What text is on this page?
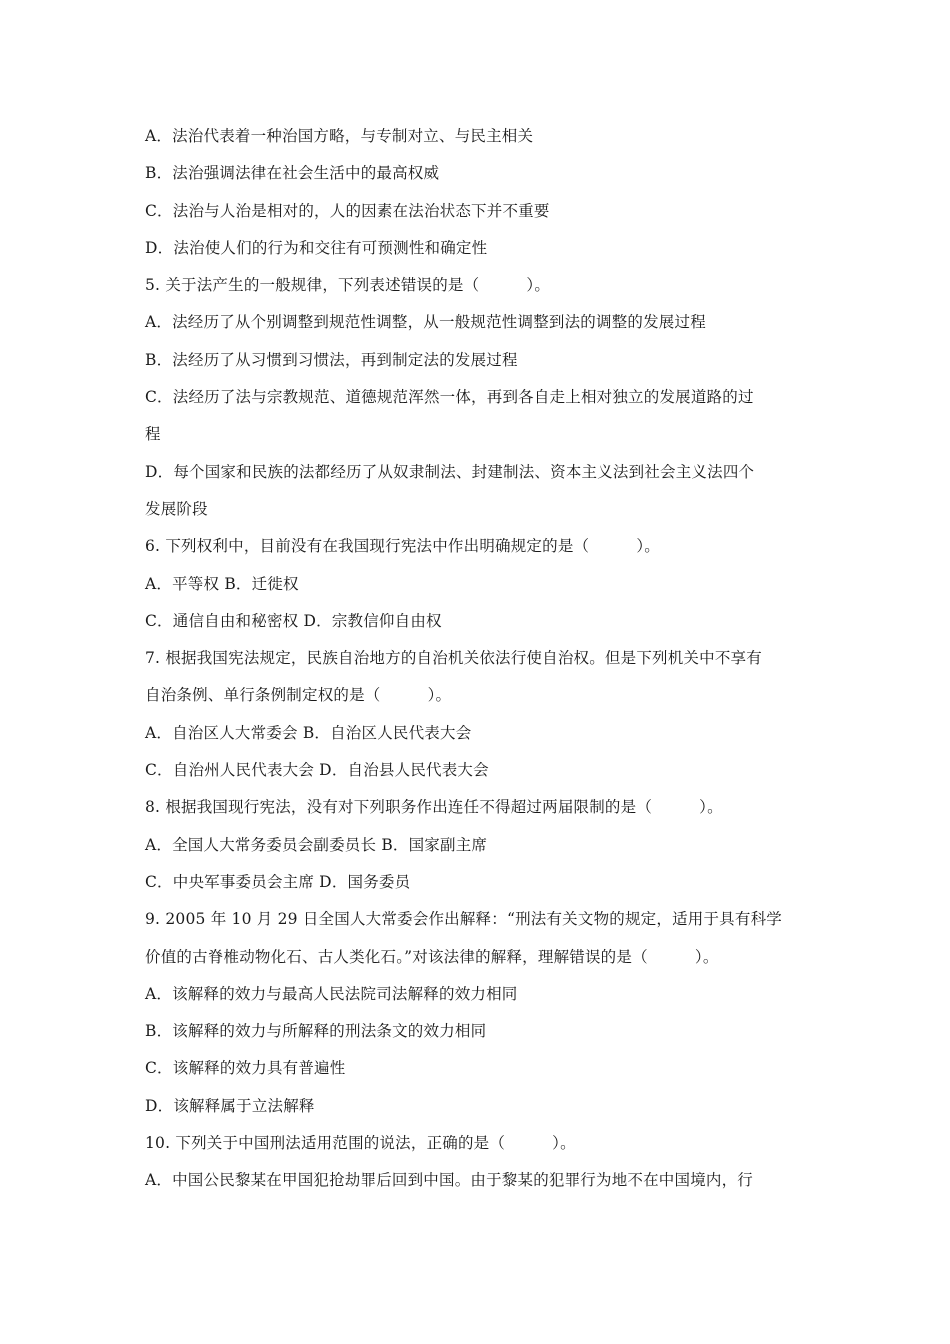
A．法治代表着一种治国方略，与专制对立、与民主相关
B．法治强调法律在社会生活中的最高权威
C．法治与人治是相对的，人的因素在法治状态下并不重要
D．法治使人们的行为和交往有可预测性和确定性
5. 关于法产生的一般规律，下列表述错误的是（　　　）。
A．法经历了从个别调整到规范性调整，从一般规范性调整到法的调整的发展过程
B．法经历了从习惯到习惯法，再到制定法的发展过程
C．法经历了法与宗教规范、道德规范浑然一体，再到各自走上相对独立的发展道路的过
程
D．每个国家和民族的法都经历了从奴隶制法、封建制法、资本主义法到社会主义法四个
发展阶段
6. 下列权利中，目前没有在我国现行宪法中作出明确规定的是（　　　）。
A．平等权 B．迁徙权
C．通信自由和秘密权 D．宗教信仰自由权
7. 根据我国宪法规定，民族自治地方的自治机关依法行使自治权。但是下列机关中不享有
自治条例、单行条例制定权的是（　　　）。
A．自治区人大常委会 B．自治区人民代表大会
C．自治州人民代表大会 D．自治县人民代表大会
8. 根据我国现行宪法，没有对下列职务作出连任不得超过两届限制的是（　　　）。
A．全国人大常务委员会副委员长 B．国家副主席
C．中央军事委员会主席 D．国务委员
9. 2005 年 10 月 29 日全国人大常委会作出解释：“刑法有关文物的规定，适用于具有科学
价值的古脊椎动物化石、古人类化石。”对该法律的解释，理解错误的是（　　　）。
A．该解释的效力与最高人民法院司法解释的效力相同
B．该解释的效力与所解释的刑法条文的效力相同
C．该解释的效力具有普遍性
D．该解释属于立法解释
10. 下列关于中国刑法适用范围的说法，正确的是（　　　）。
A．中国公民黎某在甲国犯抢劫罪后回到中国。由于黎某的犯罪行为地不在中国境内，行
